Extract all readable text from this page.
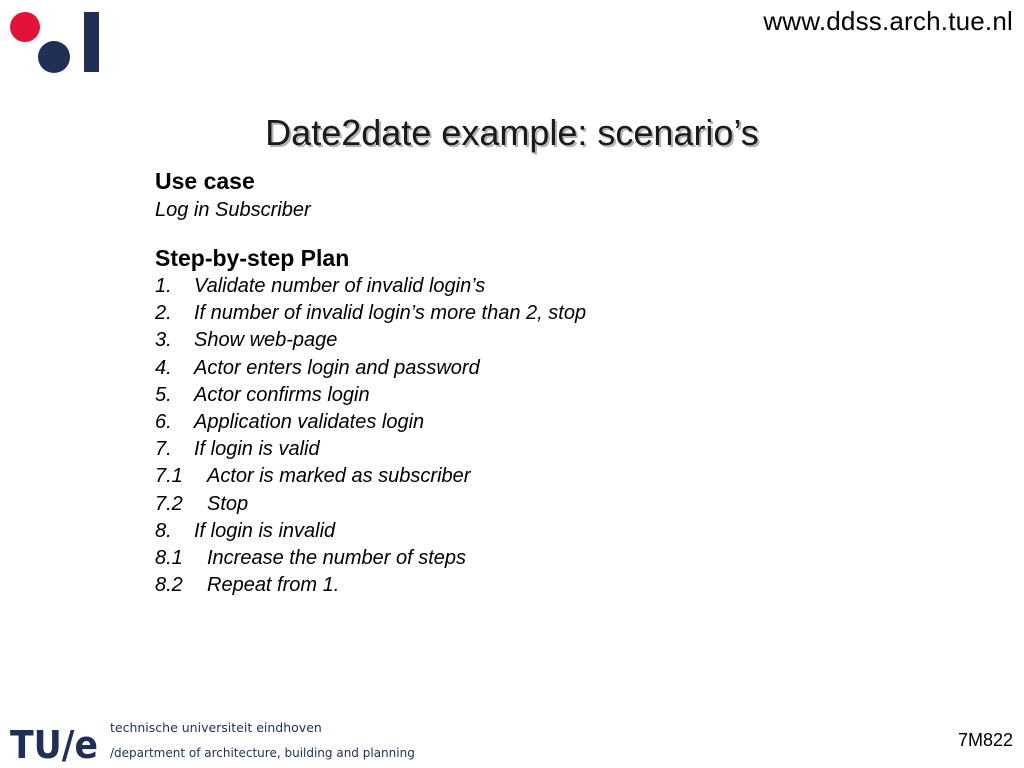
www.ddss.arch.tue.nl
Date2date example: scenario’s

Use case

Log in Subscriber

Step-by-step Plan

1.	Validate number of invalid login’s
2.	If number of invalid login’s more than 2, stop
3.	Show web-page
4.	Actor enters login and password
5.	Actor confirms login
6.	Application validates login
7.	If login is valid
7.1	Actor is marked as subscriber
7.2	Stop
8.	If login is invalid
8.1	Increase the number of steps
8.2	Repeat from 1.
TU/e technische universiteit eindhoven
/department of architecture, building and planning
7M822
